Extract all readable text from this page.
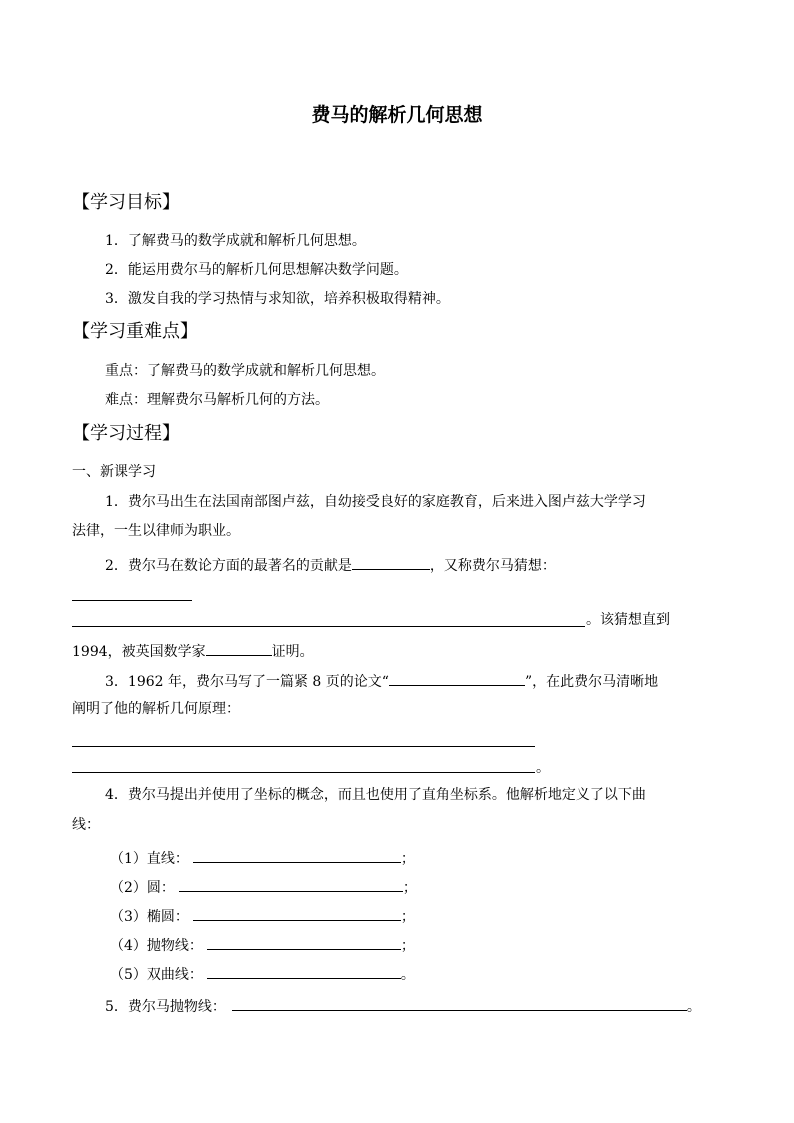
费马的解析几何思想
【学习目标】
1．了解费马的数学成就和解析几何思想。
2．能运用费尔马的解析几何思想解决数学问题。
3．激发自我的学习热情与求知欲，培养积极取得精神。
【学习重难点】
重点：了解费马的数学成就和解析几何思想。
难点：理解费尔马解析几何的方法。
【学习过程】
一、新课学习
1．费尔马出生在法国南部图卢兹，自幼接受良好的家庭教育，后来进入图卢兹大学学习
法律，一生以律师为职业。
2．费尔马在数论方面的最著名的贡献是	，又称费尔马猜想：
。该猜想直到
1994，被英国数学家	证明。
3．1962 年，费尔马写了一篇紧 8 页的论文“	”，在此费尔马清晰地
阐明了他的解析几何原理：
。
4．费尔马提出并使用了坐标的概念，而且也使用了直角坐标系。他解析地定义了以下曲
线：
（1）直线：	；
（2）圆：	；
（3）椭圆：	；
（4）抛物线：	；
（5）双曲线：	。
5．费尔马抛物线：	。
